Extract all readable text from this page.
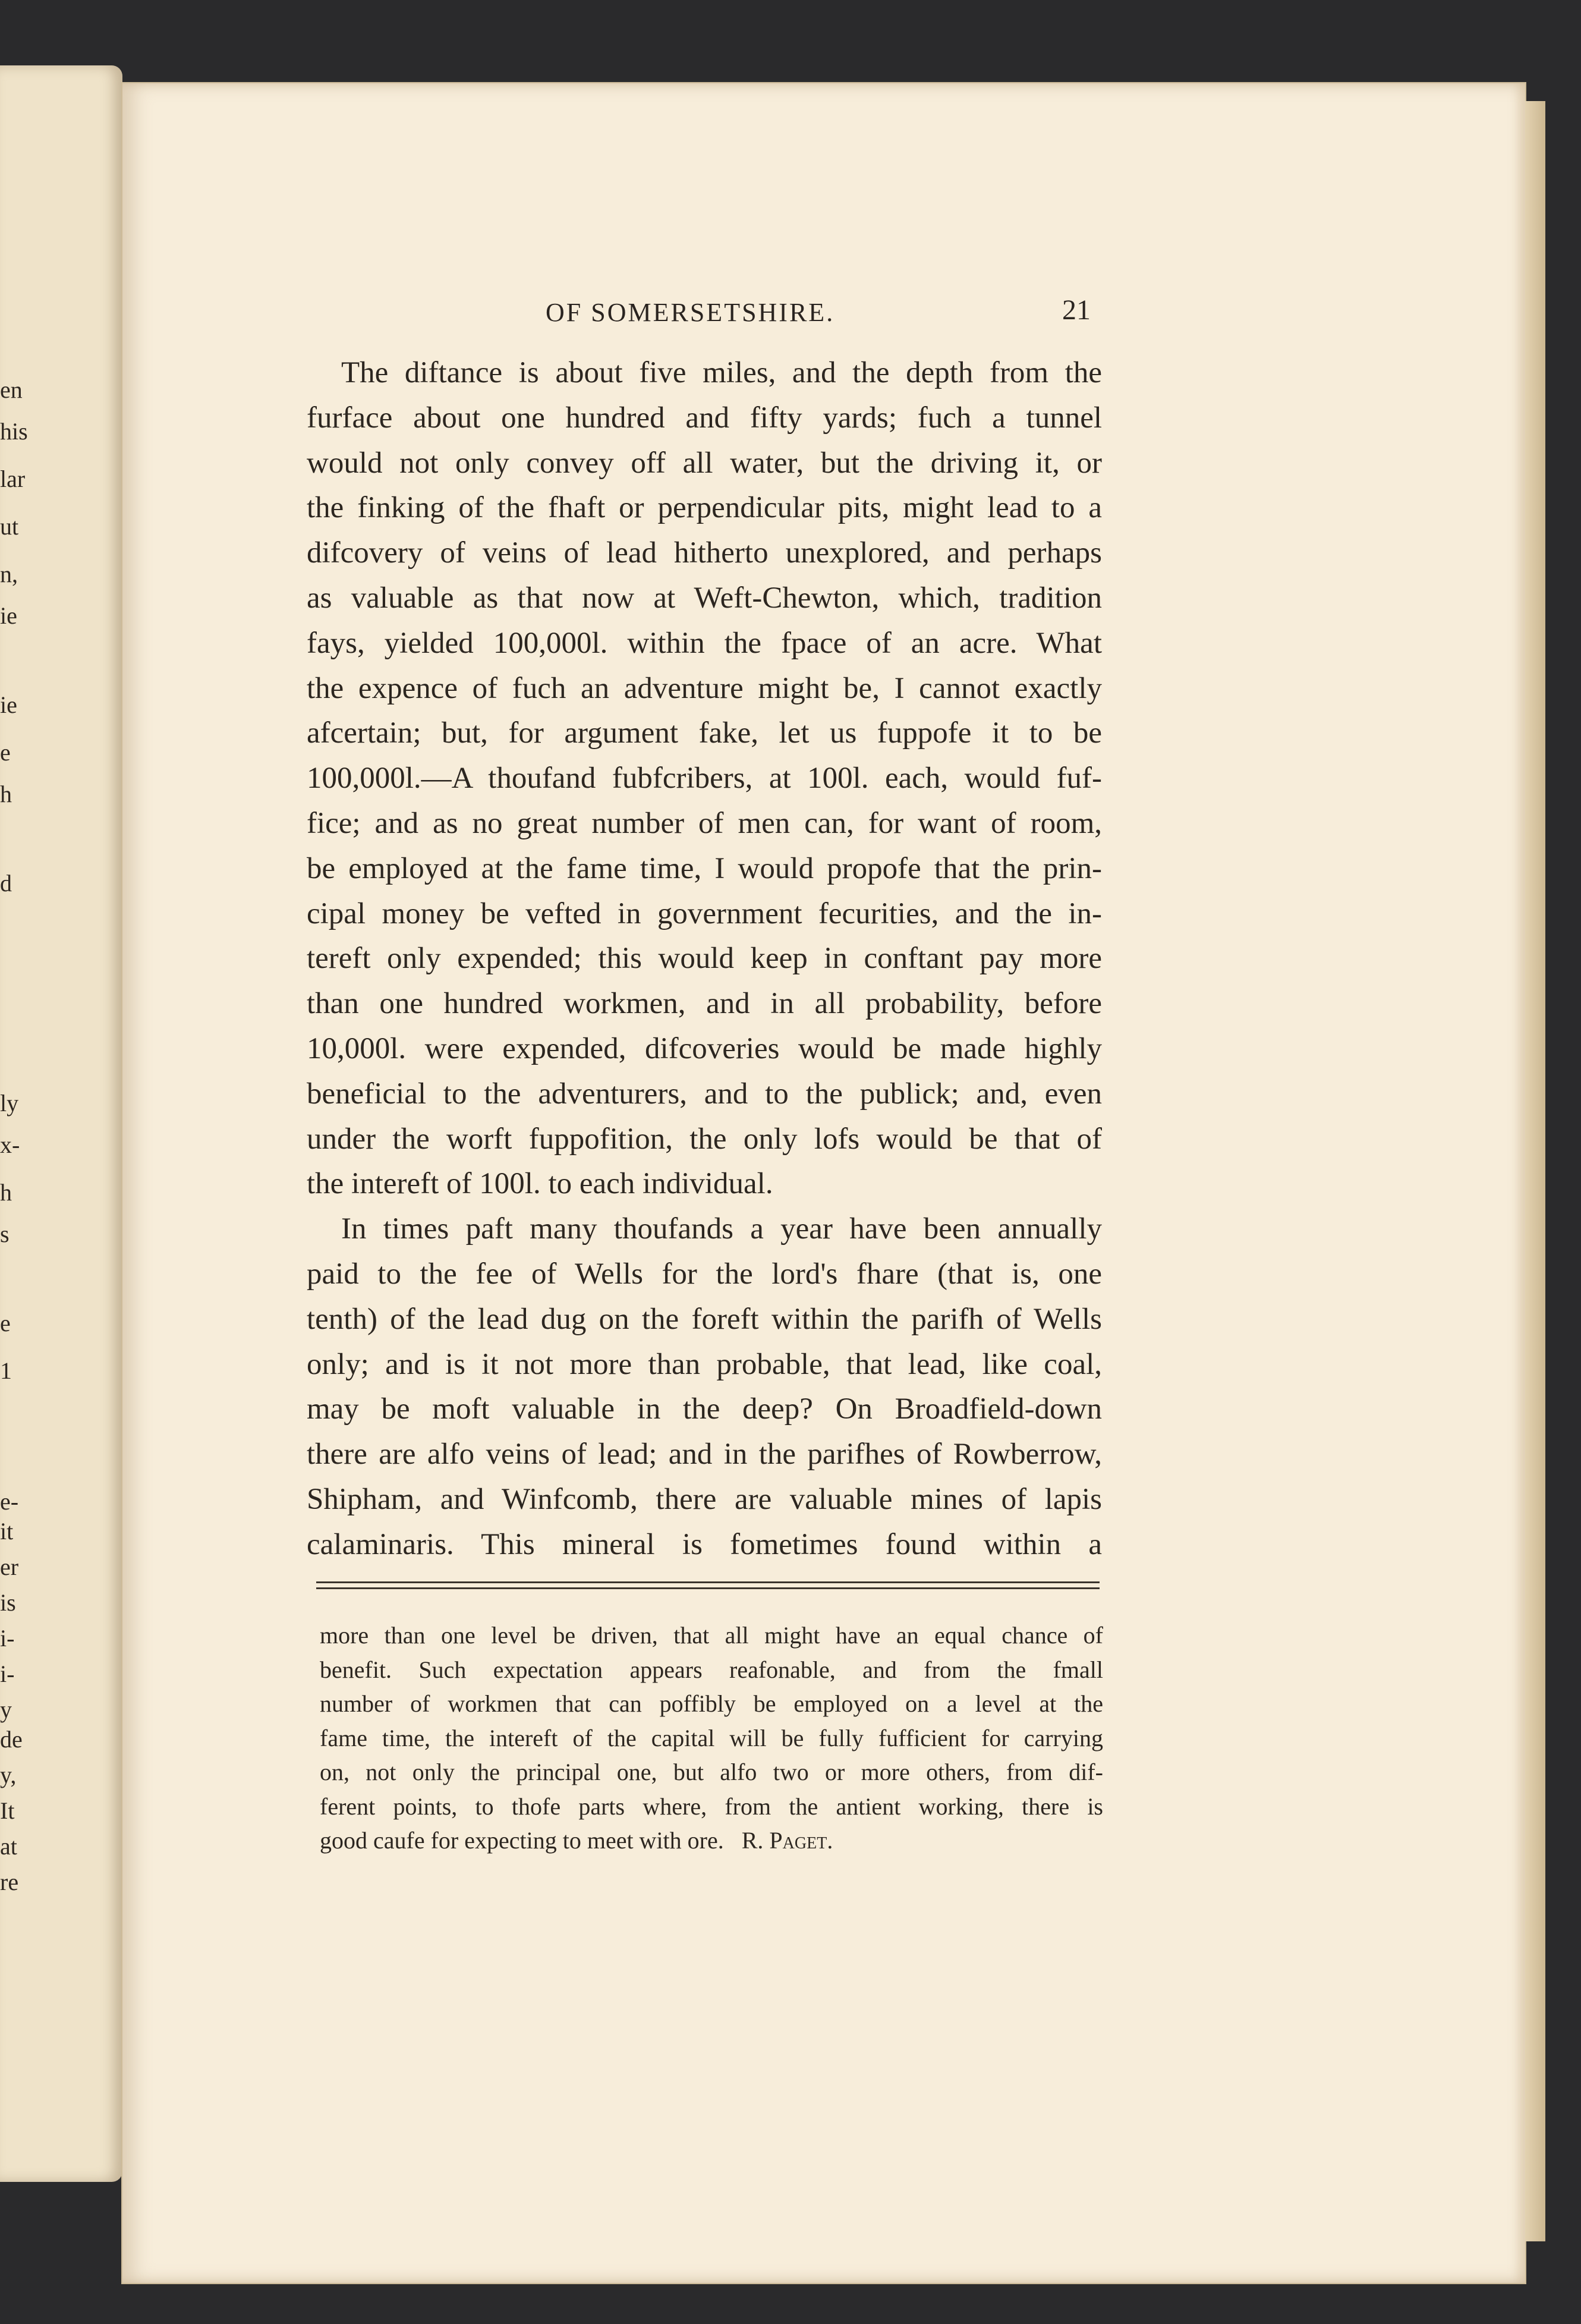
en
his
lar
ut
n,
ie
ie
e
h
d
ly
x-
h
s
e
1
e-
it
er
is
i-
i-
y
de
y,
It
at
re
OF SOMERSETSHIRE.	21
The diftance is about five miles, and the depth from the
furface about one hundred and fifty yards; fuch a tunnel
would not only convey off all water, but the driving it, or
the finking of the fhaft or perpendicular pits, might lead to a
difcovery of veins of lead hitherto unexplored, and perhaps
as valuable as that now at Weft-Chewton, which, tradition
fays, yielded 100,000l. within the fpace of an acre. What
the expence of fuch an adventure might be, I cannot exactly
afcertain; but, for argument fake, let us fuppofe it to be
100,000l.—A thoufand fubfcribers, at 100l. each, would fuf-
fice; and as no great number of men can, for want of room,
be employed at the fame time, I would propofe that the prin-
cipal money be vefted in government fecurities, and the in-
tereft only expended; this would keep in conftant pay more
than one hundred workmen, and in all probability, before
10,000l. were expended, difcoveries would be made highly
beneficial to the adventurers, and to the publick; and, even
under the worft fuppofition, the only lofs would be that of
the intereft of 100l. to each individual.
In times paft many thoufands a year have been annually
paid to the fee of Wells for the lord's fhare (that is, one
tenth) of the lead dug on the foreft within the parifh of Wells
only; and is it not more than probable, that lead, like coal,
may be moft valuable in the deep? On Broadfield-down
there are alfo veins of lead; and in the parifhes of Rowberrow,
Shipham, and Winfcomb, there are valuable mines of lapis
calaminaris. This mineral is fometimes found within a
more than one level be driven, that all might have an equal chance of
benefit. Such expectation appears reafonable, and from the fmall
number of workmen that can poffibly be employed on a level at the
fame time, the intereft of the capital will be fully fufficient for carrying
on, not only the principal one, but alfo two or more others, from dif-
ferent points, to thofe parts where, from the antient working, there is
good caufe for expecting to meet with ore. R. Paget.
